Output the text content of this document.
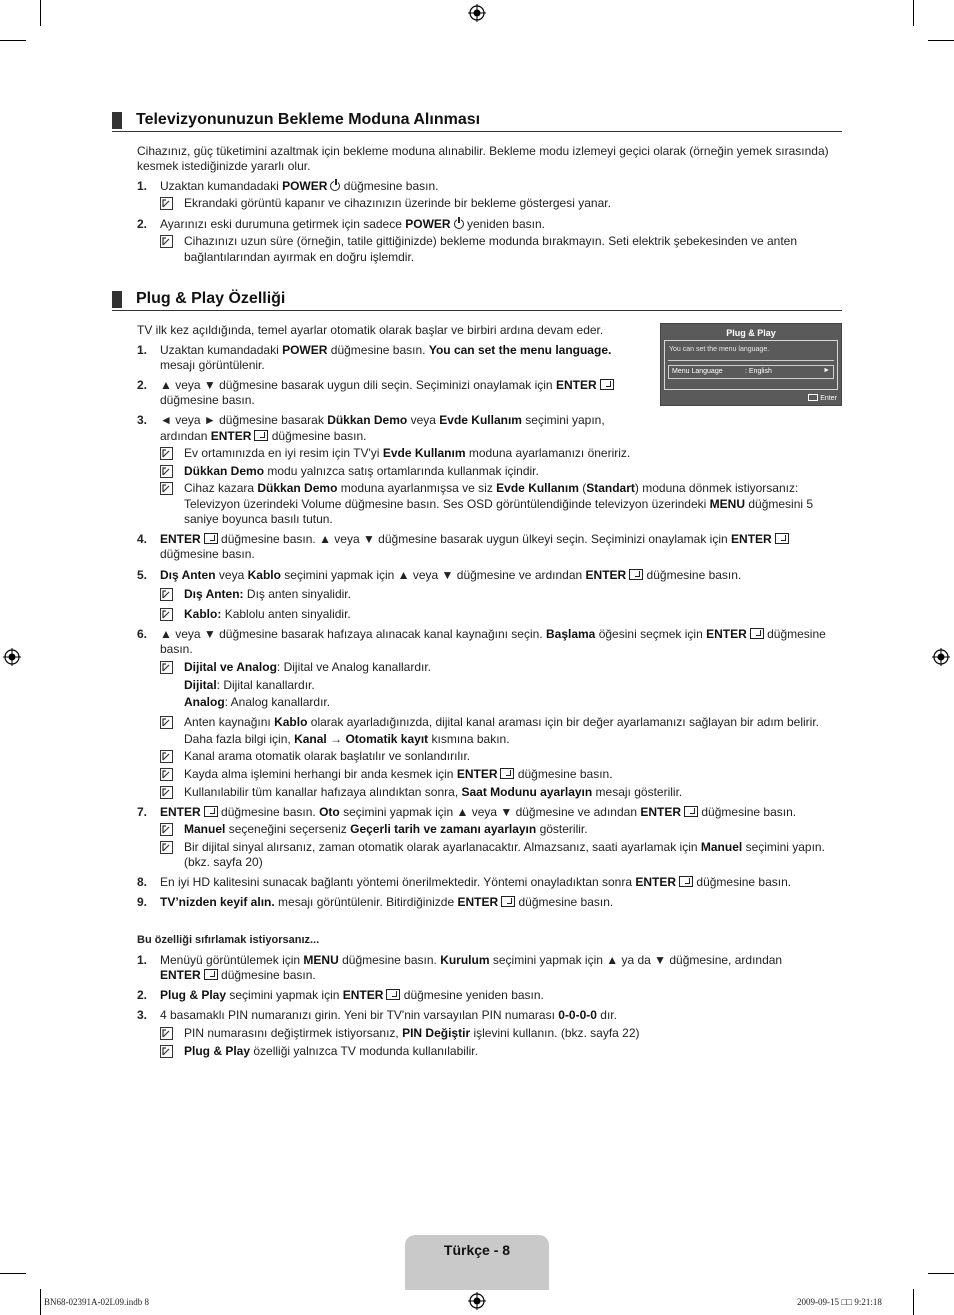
Televizyonunuzun Bekleme Moduna Alınması
Cihazınız, güç tüketimini azaltmak için bekleme moduna alınabilir. Bekleme modu izlemeyi geçici olarak (örneğin yemek sırasında)
kesmek istediğinizde yararlı olur.
1. Uzaktan kumandadaki POWER düğmesine basın.
Ekrandaki görüntü kapanır ve cihazınızın üzerinde bir bekleme göstergesi yanar.
2. Ayarınızı eski durumuna getirmek için sadece POWER yeniden basın.
Cihazınızı uzun süre (örneğin, tatile gittiğinizde) bekleme modunda bırakmayın. Seti elektrik şebekesinden ve anten
bağlantılarından ayırmak en doğru işlemdir.
Plug & Play Özelliği
TV ilk kez açıldığında, temel ayarlar otomatik olarak başlar ve birbiri ardına devam eder.	Plug & Play
You can set the menu language.
Menu Language	: English	►
Enter
1. Uzaktan kumandadaki POWER düğmesine basın. You can set the menu language.
mesajı görüntülenir.
2. ▲ veya ▼ düğmesine basarak uygun dili seçin. Seçiminizi onaylamak için ENTER
düğmesine basın.
3. ◄ veya ► düğmesine basarak Dükkan Demo veya Evde Kullanım seçimini yapın,
ardından ENTER düğmesine basın.
Ev ortamınızda en iyi resim için TV'yi Evde Kullanım moduna ayarlamanızı öneririz.
Dükkan Demo modu yalnızca satış ortamlarında kullanmak içindir.
Cihaz kazara Dükkan Demo moduna ayarlanmışsa ve siz Evde Kullanım (Standart) moduna dönmek istiyorsanız:
Televizyon üzerindeki Volume düğmesine basın. Ses OSD görüntülendiğinde televizyon üzerindeki MENU düğmesini 5
saniye boyunca basılı tutun.
4. ENTER düğmesine basın. ▲ veya ▼ düğmesine basarak uygun ülkeyi seçin. Seçiminizi onaylamak için ENTER
düğmesine basın.
5. Dış Anten veya Kablo seçimini yapmak için ▲ veya ▼ düğmesine ve ardından ENTER düğmesine basın.
Dış Anten: Dış anten sinyalidir.
Kablo: Kablolu anten sinyalidir.
6. ▲ veya ▼ düğmesine basarak hafızaya alınacak kanal kaynağını seçin. Başlama öğesini seçmek için ENTER düğmesine
basın.
Dijital ve Analog: Dijital ve Analog kanallardır.
Dijital: Dijital kanallardır.
Analog: Analog kanallardır.
Anten kaynağını Kablo olarak ayarladığınızda, dijital kanal araması için bir değer ayarlamanızı sağlayan bir adım belirir.
Daha fazla bilgi için, Kanal → Otomatik kayıt kısmına bakın.
Kanal arama otomatik olarak başlatılır ve sonlandırılır.
Kayda alma işlemini herhangi bir anda kesmek için ENTER düğmesine basın.
Kullanılabilir tüm kanallar hafızaya alındıktan sonra, Saat Modunu ayarlayın mesajı gösterilir.
7. ENTER düğmesine basın. Oto seçimini yapmak için ▲ veya ▼ düğmesine ve adından ENTER düğmesine basın.
Manuel seçeneğini seçerseniz Geçerli tarih ve zamanı ayarlayın gösterilir.
Bir dijital sinyal alırsanız, zaman otomatik olarak ayarlanacaktır. Almazsanız, saati ayarlamak için Manuel seçimini yapın.
(bkz. sayfa 20)
8. En iyi HD kalitesini sunacak bağlantı yöntemi önerilmektedir. Yöntemi onayladıktan sonra ENTER düğmesine basın.
9. TV’nizden keyif alın. mesajı görüntülenir. Bitirdiğinizde ENTER düğmesine basın.
Bu özelliği sıfırlamak istiyorsanız...
1. Menüyü görüntülemek için MENU düğmesine basın. Kurulum seçimini yapmak için ▲ ya da ▼ düğmesine, ardından
ENTER düğmesine basın.
2. Plug & Play seçimini yapmak için ENTER düğmesine yeniden basın.
3. 4 basamaklı PIN numaranızı girin. Yeni bir TV'nin varsayılan PIN numarası 0-0-0-0 dır.
PIN numarasını değiştirmek istiyorsanız, PIN Değiştir işlevini kullanın. (bkz. sayfa 22)
Plug & Play özelliği yalnızca TV modunda kullanılabilir.
Türkçe - 8
BN68-02391A-02L09.indb 8	2009-09-15 □□ 9:21:18
